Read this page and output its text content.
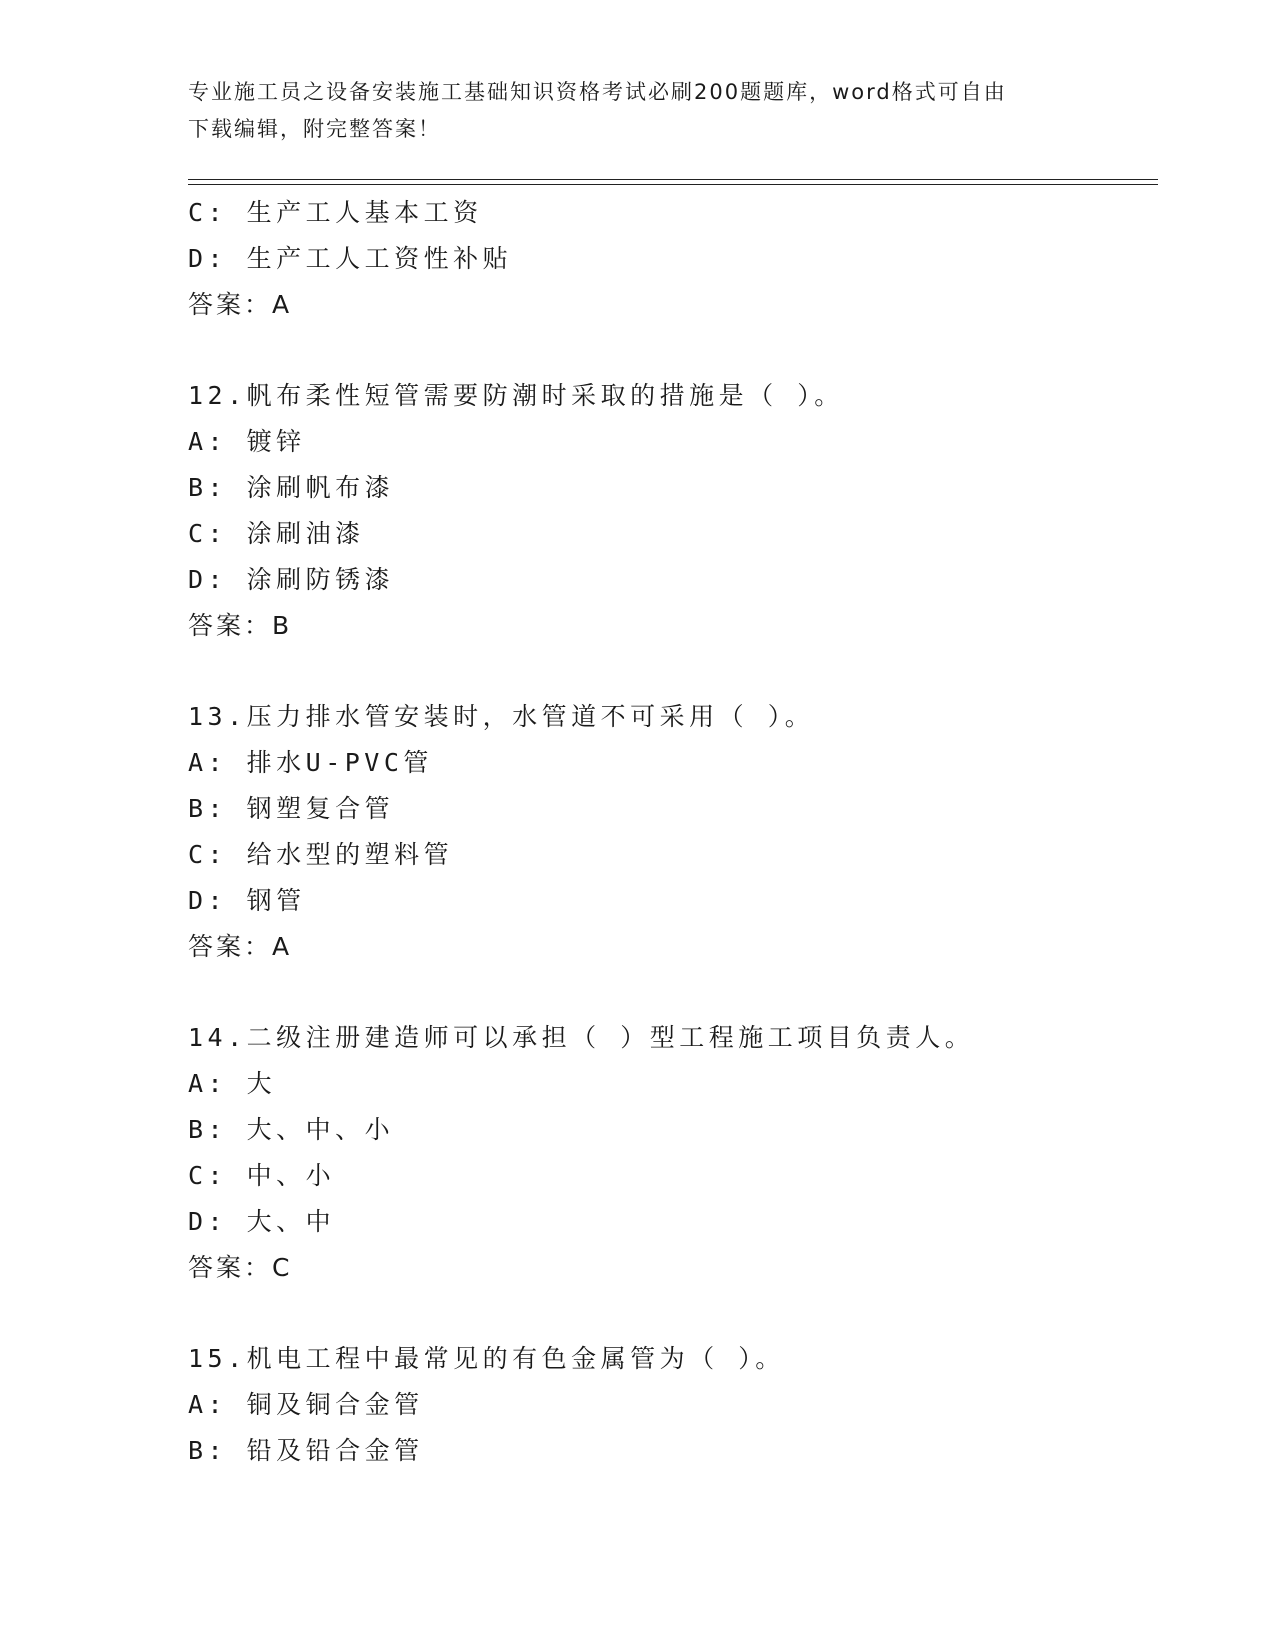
专业施工员之设备安装施工基础知识资格考试必刷200题题库，word格式可自由
下载编辑，附完整答案！
C: 生产工人基本工资
D: 生产工人工资性补贴
答案：A
12.帆布柔性短管需要防潮时采取的措施是（ ）。
A: 镀锌
B: 涂刷帆布漆
C: 涂刷油漆
D: 涂刷防锈漆
答案：B
13.压力排水管安装时，水管道不可采用（ ）。
A: 排水U-PVC管
B: 钢塑复合管
C: 给水型的塑料管
D: 钢管
答案：A
14.二级注册建造师可以承担（ ）型工程施工项目负责人。
A: 大
B: 大、中、小
C: 中、小
D: 大、中
答案：C
15.机电工程中最常见的有色金属管为（ ）。
A: 铜及铜合金管
B: 铅及铅合金管
